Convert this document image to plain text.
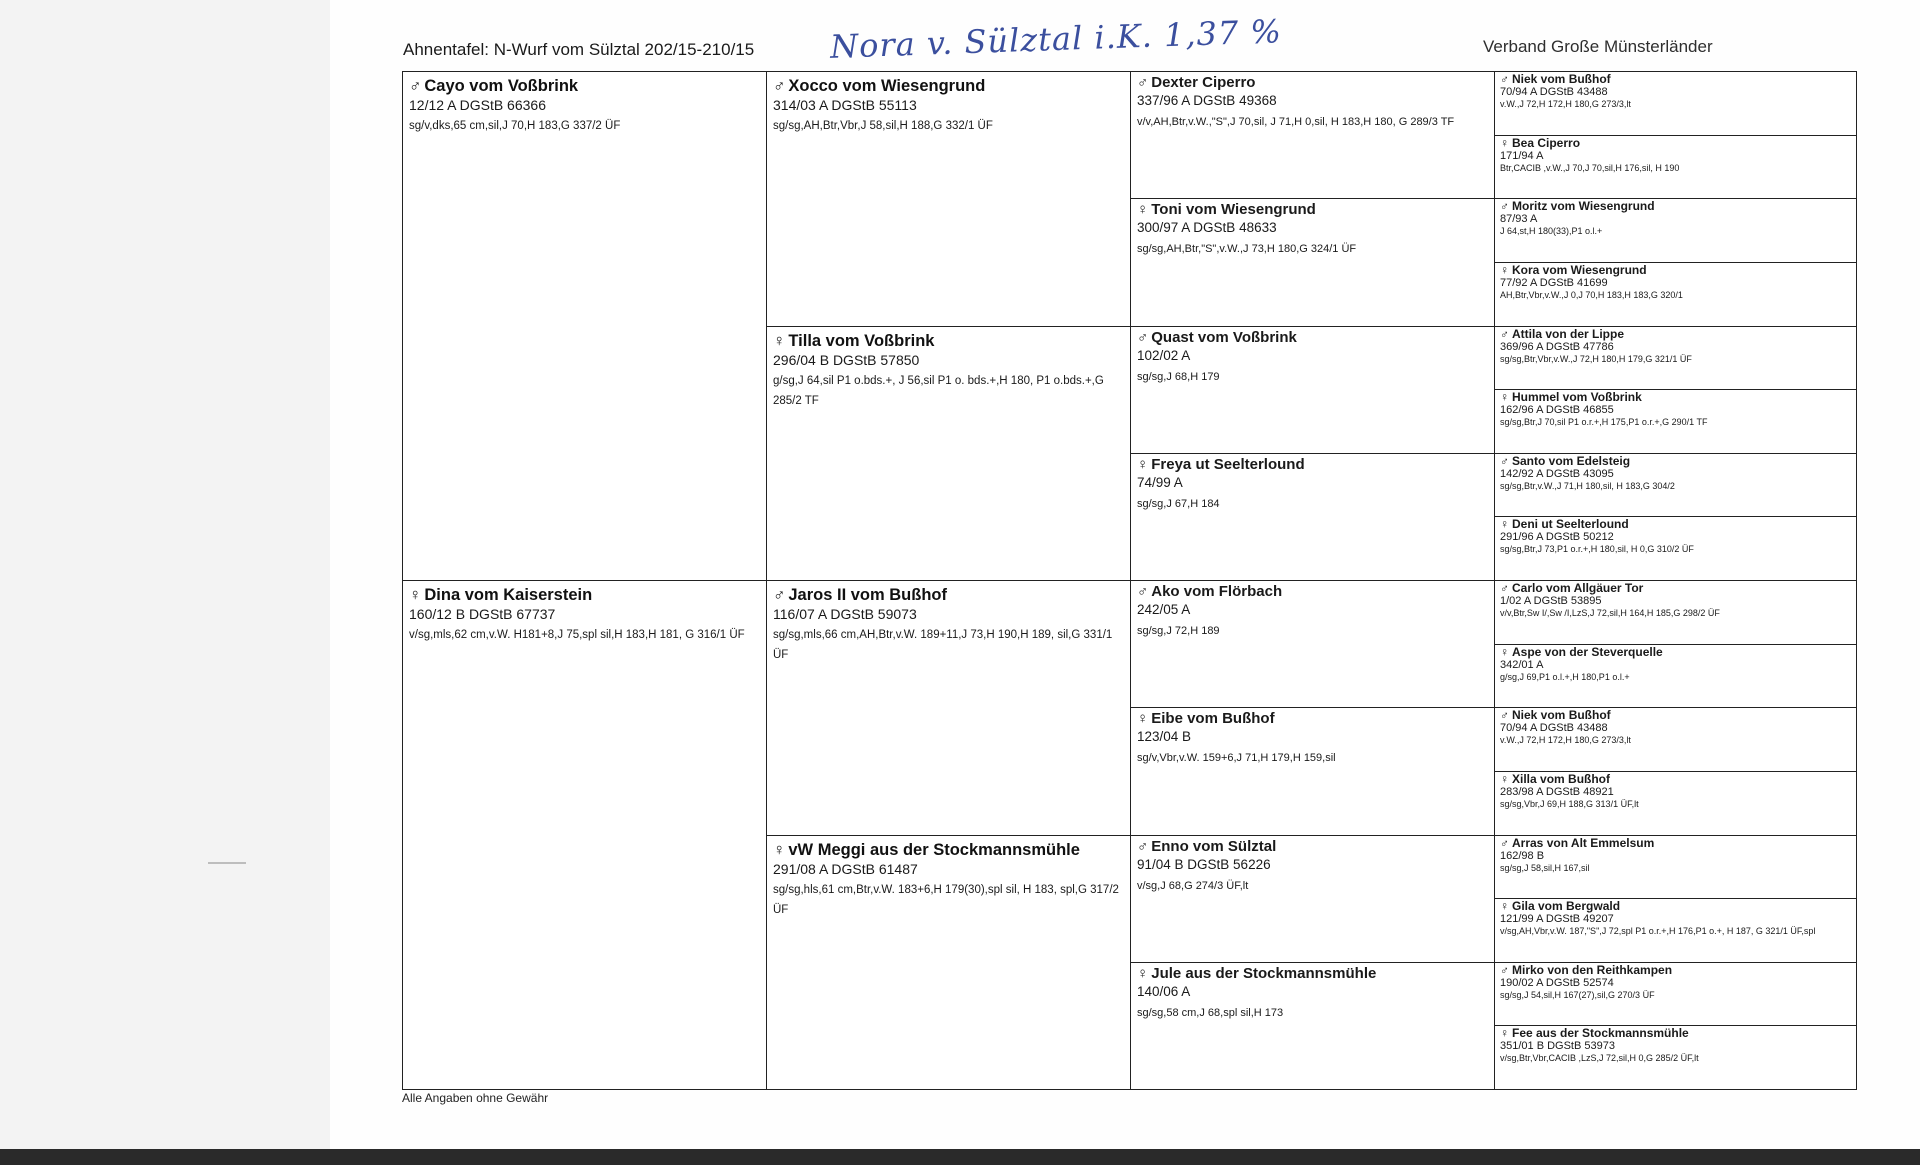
Ahnentafel: N-Wurf vom Sülztal 202/15-210/15 Nora v. Sülztal i.K. 1,37 %	Verband Große Münsterländer
♂ Cayo vom Voßbrink
12/12 A DGStB 66366
sg/v,dks,65 cm,sil,J 70,H 183,G 337/2 ÜF
♀ Dina vom Kaiserstein
160/12 B DGStB 67737
v/sg,mls,62 cm,v.W. H181+8,J 75,spl sil,H 183,H 181, G 316/1 ÜF
♂ Xocco vom Wiesengrund
314/03 A DGStB 55113
sg/sg,AH,Btr,Vbr,J 58,sil,H 188,G 332/1 ÜF
♀ Tilla vom Voßbrink
296/04 B DGStB 57850
g/sg,J 64,sil P1 o.bds.+, J 56,sil P1 o. bds.+,H 180, P1 o.bds.+,G 285/2 TF
♂ Jaros II vom Bußhof
116/07 A DGStB 59073
sg/sg,mls,66 cm,AH,Btr,v.W. 189+11,J 73,H 190,H 189, sil,G 331/1 ÜF
♀ vW Meggi aus der Stockmannsmühle
291/08 A DGStB 61487
sg/sg,hls,61 cm,Btr,v.W. 183+6,H 179(30),spl sil, H 183, spl,G 317/2 ÜF
♂ Dexter Ciperro
337/96 A DGStB 49368
v/v,AH,Btr,v.W.,"S",J 70,sil, J 71,H 0,sil, H 183,H 180, G 289/3 TF
♀ Toni vom Wiesengrund
300/97 A DGStB 48633
sg/sg,AH,Btr,"S",v.W.,J 73,H 180,G 324/1 ÜF
♂ Quast vom Voßbrink
102/02 A
sg/sg,J 68,H 179
♀ Freya ut Seelterlound
74/99 A
sg/sg,J 67,H 184
♂ Ako vom Flörbach
242/05 A
sg/sg,J 72,H 189
♀ Eibe vom Bußhof
123/04 B
sg/v,Vbr,v.W. 159+6,J 71,H 179,H 159,sil
♂ Enno vom Sülztal
91/04 B DGStB 56226
v/sg,J 68,G 274/3 ÜF,lt
♀ Jule aus der Stockmannsmühle
140/06 A
sg/sg,58 cm,J 68,spl sil,H 173
♂ Niek vom Bußhof
70/94 A DGStB 43488
v.W.,J 72,H 172,H 180,G 273/3,lt
♀ Bea Ciperro
171/94 A
Btr,CACIB ,v.W.,J 70,J 70,sil,H 176,sil, H 190
♂ Moritz vom Wiesengrund
87/93 A
J 64,st,H 180(33),P1 o.l.+
♀ Kora vom Wiesengrund
77/92 A DGStB 41699
AH,Btr,Vbr,v.W.,J 0,J 70,H 183,H 183,G 320/1
♂ Attila von der Lippe
369/96 A DGStB 47786
sg/sg,Btr,Vbr,v.W.,J 72,H 180,H 179,G 321/1 ÜF
♀ Hummel vom Voßbrink
162/96 A DGStB 46855
sg/sg,Btr,J 70,sil P1 o.r.+,H 175,P1 o.r.+,G 290/1 TF
♂ Santo vom Edelsteig
142/92 A DGStB 43095
sg/sg,Btr,v.W.,J 71,H 180,sil, H 183,G 304/2
♀ Deni ut Seelterlound
291/96 A DGStB 50212
sg/sg,Btr,J 73,P1 o.r.+,H 180,sil, H 0,G 310/2 ÜF
♂ Carlo vom Allgäuer Tor
1/02 A DGStB 53895
v/v,Btr,Sw I/,Sw /I,LzS,J 72,sil,H 164,H 185,G 298/2 ÜF
♀ Aspe von der Steverquelle
342/01 A
g/sg,J 69,P1 o.l.+,H 180,P1 o.l.+
♂ Niek vom Bußhof
70/94 A DGStB 43488
v.W.,J 72,H 172,H 180,G 273/3,lt
♀ Xilla vom Bußhof
283/98 A DGStB 48921
sg/sg,Vbr,J 69,H 188,G 313/1 ÜF,lt
♂ Arras von Alt Emmelsum
162/98 B
sg/sg,J 58,sil,H 167,sil
♀ Gila vom Bergwald
121/99 A DGStB 49207
v/sg,AH,Vbr,v.W. 187,"S",J 72,spl P1 o.r.+,H 176,P1 o.+, H 187, G 321/1 ÜF,spl
♂ Mirko von den Reithkampen
190/02 A DGStB 52574
sg/sg,J 54,sil,H 167(27),sil,G 270/3 ÜF
♀ Fee aus der Stockmannsmühle
351/01 B DGStB 53973
v/sg,Btr,Vbr,CACIB ,LzS,J 72,sil,H 0,G 285/2 ÜF,lt
Alle Angaben ohne Gewähr
